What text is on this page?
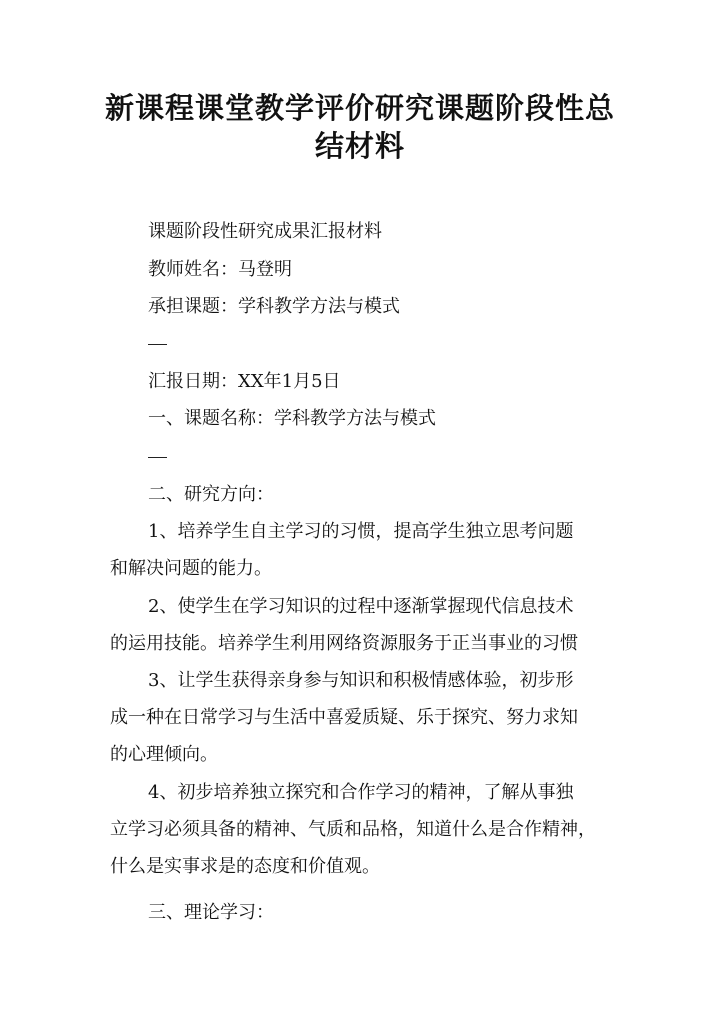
新课程课堂教学评价研究课题阶段性总
结材料
课题阶段性研究成果汇报材料
教师姓名：马登明
承担课题：学科教学方法与模式
汇报日期：XX年1月5日
一、课题名称：学科教学方法与模式
二、研究方向：
1、培养学生自主学习的习惯，提高学生独立思考问题
和解决问题的能力。
2、使学生在学习知识的过程中逐渐掌握现代信息技术
的运用技能。培养学生利用网络资源服务于正当事业的习惯
3、让学生获得亲身参与知识和积极情感体验，初步形
成一种在日常学习与生活中喜爱质疑、乐于探究、努力求知
的心理倾向。
4、初步培养独立探究和合作学习的精神，了解从事独
立学习必须具备的精神、气质和品格，知道什么是合作精神，
什么是实事求是的态度和价值观。
三、理论学习：
